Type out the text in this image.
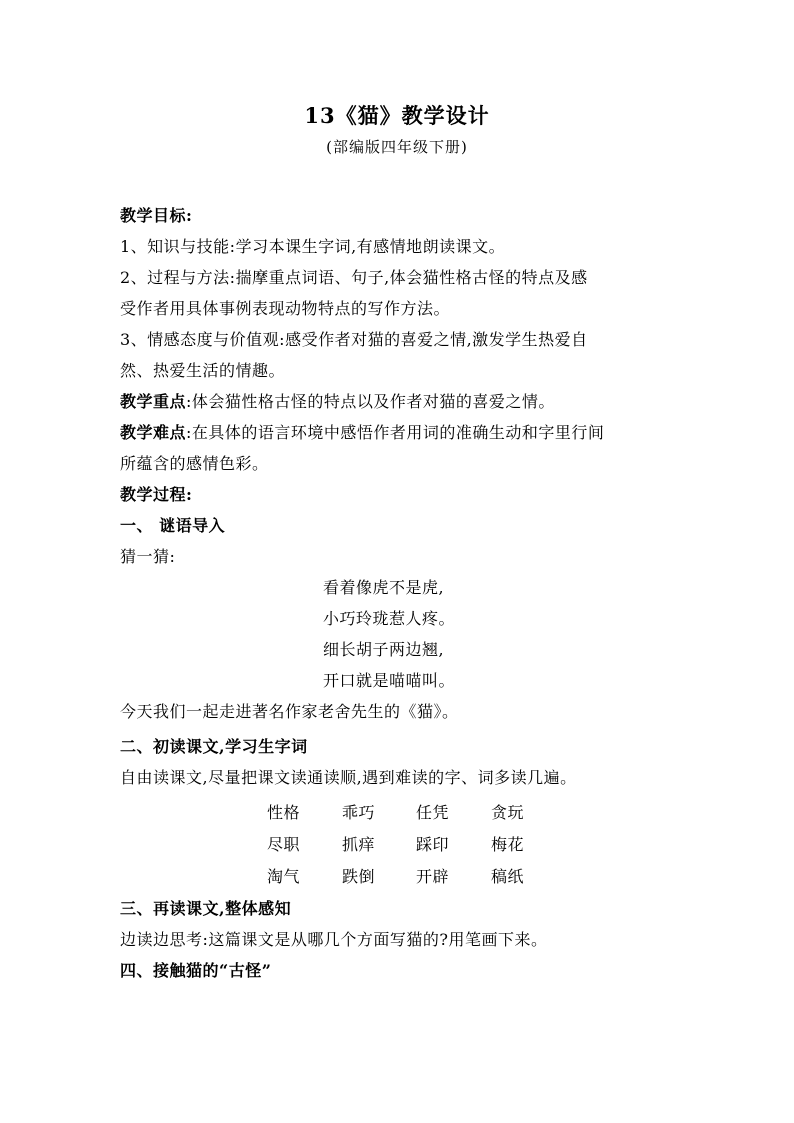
13《猫》教学设计
(部编版四年级下册)
教学目标:
1、知识与技能:学习本课生字词,有感情地朗读课文。
2、过程与方法:揣摩重点词语、句子,体会猫性格古怪的特点及感
受作者用具体事例表现动物特点的写作方法。
3、情感态度与价值观:感受作者对猫的喜爱之情,激发学生热爱自
然、热爱生活的情趣。
教学重点:体会猫性格古怪的特点以及作者对猫的喜爱之情。
教学难点:在具体的语言环境中感悟作者用词的准确生动和字里行间
所蕴含的感情色彩。
教学过程:
一、 谜语导入
猜一猜:
看着像虎不是虎,
小巧玲珑惹人疼。
细长胡子两边翘,
开口就是喵喵叫。
今天我们一起走进著名作家老舍先生的《猫》。
二、初读课文,学习生字词
自由读课文,尽量把课文读通读顺,遇到难读的字、词多读几遍。
性格	乖巧	任凭	贪玩
尽职	抓痒	踩印	梅花
淘气	跌倒	开辟	稿纸
三、再读课文,整体感知
边读边思考:这篇课文是从哪几个方面写猫的?用笔画下来。
四、接触猫的“古怪”
